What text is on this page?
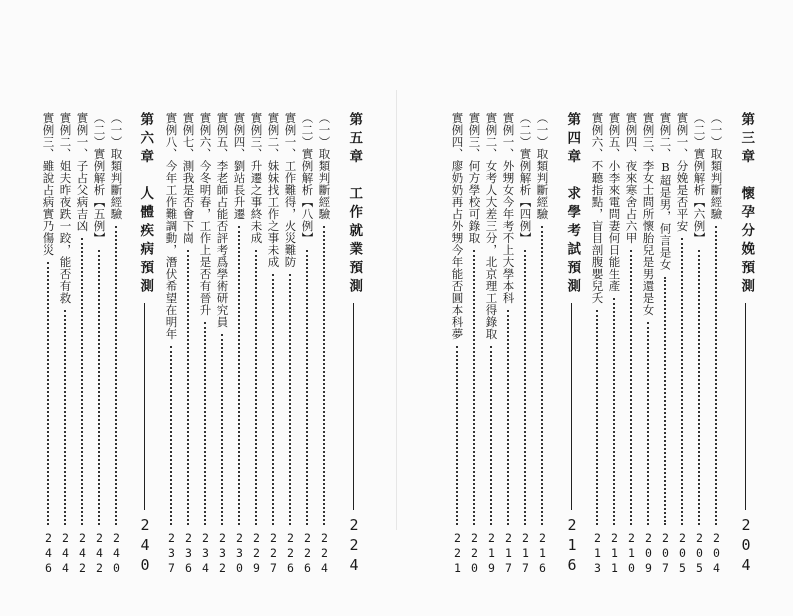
第三章　懷孕分娩預測
204
（一）取類判斷經驗
204
（二）實例解析【六例】
205
實例一、分娩是否平安
205
實例二、B超是男，何言是女
207
實例三、李女士問所懷胎兒是男還是女
209
實例四、夜來寒舍占六甲
210
實例五、小李來電問妻何日能生產
211
實例六、不聽指點，盲目剖腹嬰兒夭
213
第四章　求學考試預測
216
（一）取類判斷經驗
216
（二）實例解析【四例】
217
實例一、外甥女今年考不上大學本科
217
實例二、女考人大差三分，北京理工得錄取
219
實例三、何方學校可錄取
220
實例四、廖奶奶再占外甥今年能否圓本科夢
221
第五章　工作就業預測
224
（一）取類判斷經驗
224
（二）實例解析【八例】
226
實例一、工作難得，火災難防
226
實例二、妹妹找工作之事未成
227
實例三、升遷之事終未成
229
實例四、劉站長升遷
230
實例五、李老師占能否評考爲學術研究員
232
實例六、今冬明春，工作上是否有晉升
234
實例七、測我是否會下崗
236
實例八、今年工作難調動，潛伏希望在明年
237
第六章　人體疾病預測
240
（一）取類判斷經驗
240
（二）實例解析【五例】
242
實例一、子占父病吉凶
242
實例二、姐夫昨夜跌一跤，能否有救
244
實例三、雖說占病實乃傷災
246
